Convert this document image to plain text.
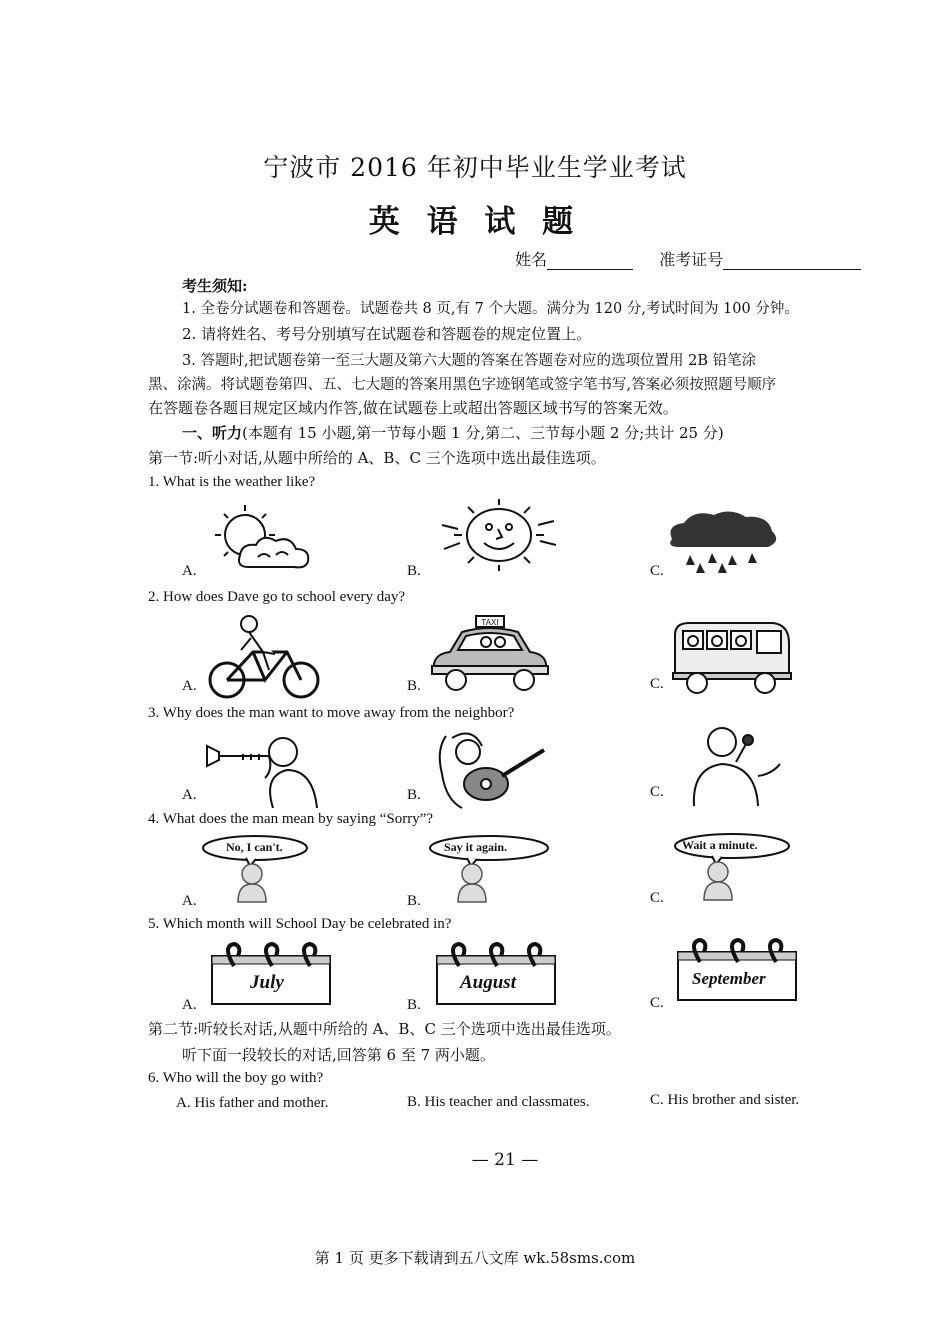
宁波市 2016 年初中毕业生学业考试
英 语 试 题
姓名	准考证号
考生须知:
1. 全卷分试题卷和答题卷。试题卷共 8 页,有 7 个大题。满分为 120 分,考试时间为 100 分钟。
2. 请将姓名、考号分别填写在试题卷和答题卷的规定位置上。
3. 答题时,把试题卷第一至三大题及第六大题的答案在答题卷对应的选项位置用 2B 铅笔涂
黑、涂满。将试题卷第四、五、七大题的答案用黑色字迹钢笔或签字笔书写,答案必须按照题号顺序
在答题卷各题目规定区域内作答,做在试题卷上或超出答题区域书写的答案无效。
一、听力(本题有 15 小题,第一节每小题 1 分,第二、三节每小题 2 分;共计 25 分)
第一节:听小对话,从题中所给的 A、B、C 三个选项中选出最佳选项。
1. What is the weather like?
A.	B.	C.
2. How does Dave go to school every day?
A.	B.	C.
TAXI
3. Why does the man want to move away from the neighbor?
A.	B.	C.
4. What does the man mean by saying “Sorry”?
A.	B.	C.
No, I can't.	Say it again.	Wait a minute.
5. Which month will School Day be celebrated in?
A.	B.	C.
July	August	September
第二节:听较长对话,从题中所给的 A、B、C 三个选项中选出最佳选项。
听下面一段较长的对话,回答第 6 至 7 两小题。
6. Who will the boy go with?
A. His father and mother.	B. His teacher and classmates.	C. His brother and sister.
— 21 —
第 1 页 更多下载请到五八文库 wk.58sms.com
